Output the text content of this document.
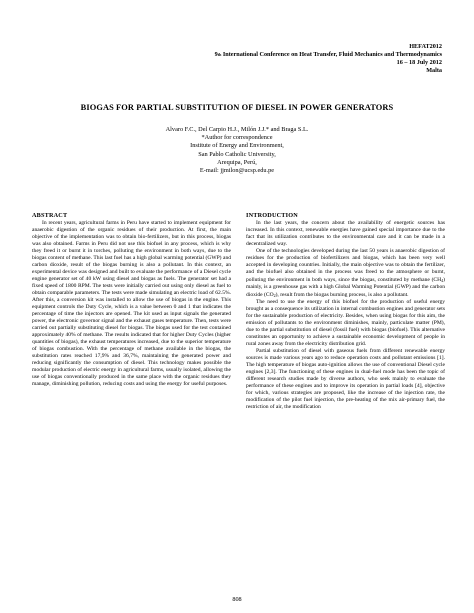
HEFAT2012
9th International Conference on Heat Transfer, Fluid Mechanics and Thermodynamics
16 – 18 July 2012
Malta
BIOGAS FOR PARTIAL SUBSTITUTION OF DIESEL IN POWER GENERATORS
Alvaro F.C., Del Carpio H.J., Milón J.J.* and Braga S.L.
*Author for correspondence
Institute of Energy and Environment,
San Pablo Catholic University,
Arequipa, Perú,
E-mail: jjmilon@ucsp.edu.pe
ABSTRACT

In recent years, agricultural farms in Peru have started to implement equipment for anaerobic digestion of the organic residues of their production. At first, the main objective of the implementation was to obtain bio-fertilizers, but in this process, biogas was also obtained. Farms in Peru did not use this biofuel in any process, which is why they freed it or burnt it in torches, polluting the environment in both ways, due to the biogas content of methane. This last fuel has a high global warming potential (GWP) and carbon dioxide, result of the biogas burning is also a pollutant. In this context, an experimental device was designed and built to evaluate the performance of a Diesel cycle engine generator set of 40 kW using diesel and biogas as fuels. The generator set had a fixed speed of 1800 RPM. The tests were initially carried out using only diesel as fuel to obtain comparable parameters. The tests were made simulating an electric load of 62.5%. After this, a conversion kit was installed to allow the use of biogas in the engine. This equipment controls the Duty Cycle, which is a value between 0 and 1 that indicates the percentage of time the injectors are opened. The kit used as input signals the generated power, the electronic governor signal and the exhaust gases temperature. Then, tests were carried out partially substituting diesel for biogas. The biogas used for the test contained approximately 40% of methane. The results indicated that for higher Duty Cycles (higher quantities of biogas), the exhaust temperatures increased, due to the superior temperature of biogas combustion. With the percentage of methane available in the biogas, the substitution rates reached 17,9% and 36,7%, maintaining the generated power and reducing significantly the consumption of diesel. This technology makes possible the modular production of electric energy in agricultural farms, usually isolated, allowing the use of biogas conventionally produced in the same place with the organic residues they manage, diminishing pollution, reducing costs and using the energy for useful purposes.

INTRODUCTION

In the last years, the concern about the availability of energetic sources has increased. In this context, renewable energies have gained special importance due to the fact that its utilization contributes to the environmental care and it can be made in a decentralized way.

One of the technologies developed during the last 50 years is anaerobic digestion of residues for the production of biofertilizers and biogas, which has been very well accepted in developing countries. Initially, the main objective was to obtain the fertilizer, and the biofuel also obtained in the process was freed to the atmosphere or burnt, polluting the environment in both ways, since the biogas, constituted by methane $(CH_4)$ mainly, is a greenhouse gas with a high Global Warming Potential (GWP) and the carbon dioxide $(CO_2)$, result from the biogas burning process, is also a pollutant.

The need to use the energy of this biofuel for the production of useful energy brought as a consequence its utilization in internal combustion engines and generator sets for the sustainable production of electricity. Besides, when using biogas for this aim, the emission of pollutants to the environment diminishes, mainly, particulate matter (PM), due to the partial substitution of diesel (fossil fuel) with biogas (biofuel). This alternative constitutes an opportunity to achieve a sustainable economic development of people in rural zones away from the electricity distribution grid.

Partial substitution of diesel with gaseous fuels from different renewable energy sources is made various years ago to reduce operation costs and pollutant emissions [1]. The high temperature of biogas auto-ignition allows the use of conventional Diesel cycle engines [2,3]. The functioning of these engines in dual-fuel mode has been the topic of different research studies made by diverse authors, who seek mainly to evaluate the performance of these engines and to improve its operation in partial loads [4], objective for which, various strategies are proposed, like the increase of the injection rate, the modification of the pilot fuel injection, the pre-heating of the mix air-primary fuel, the restriction of air, the modification

808
